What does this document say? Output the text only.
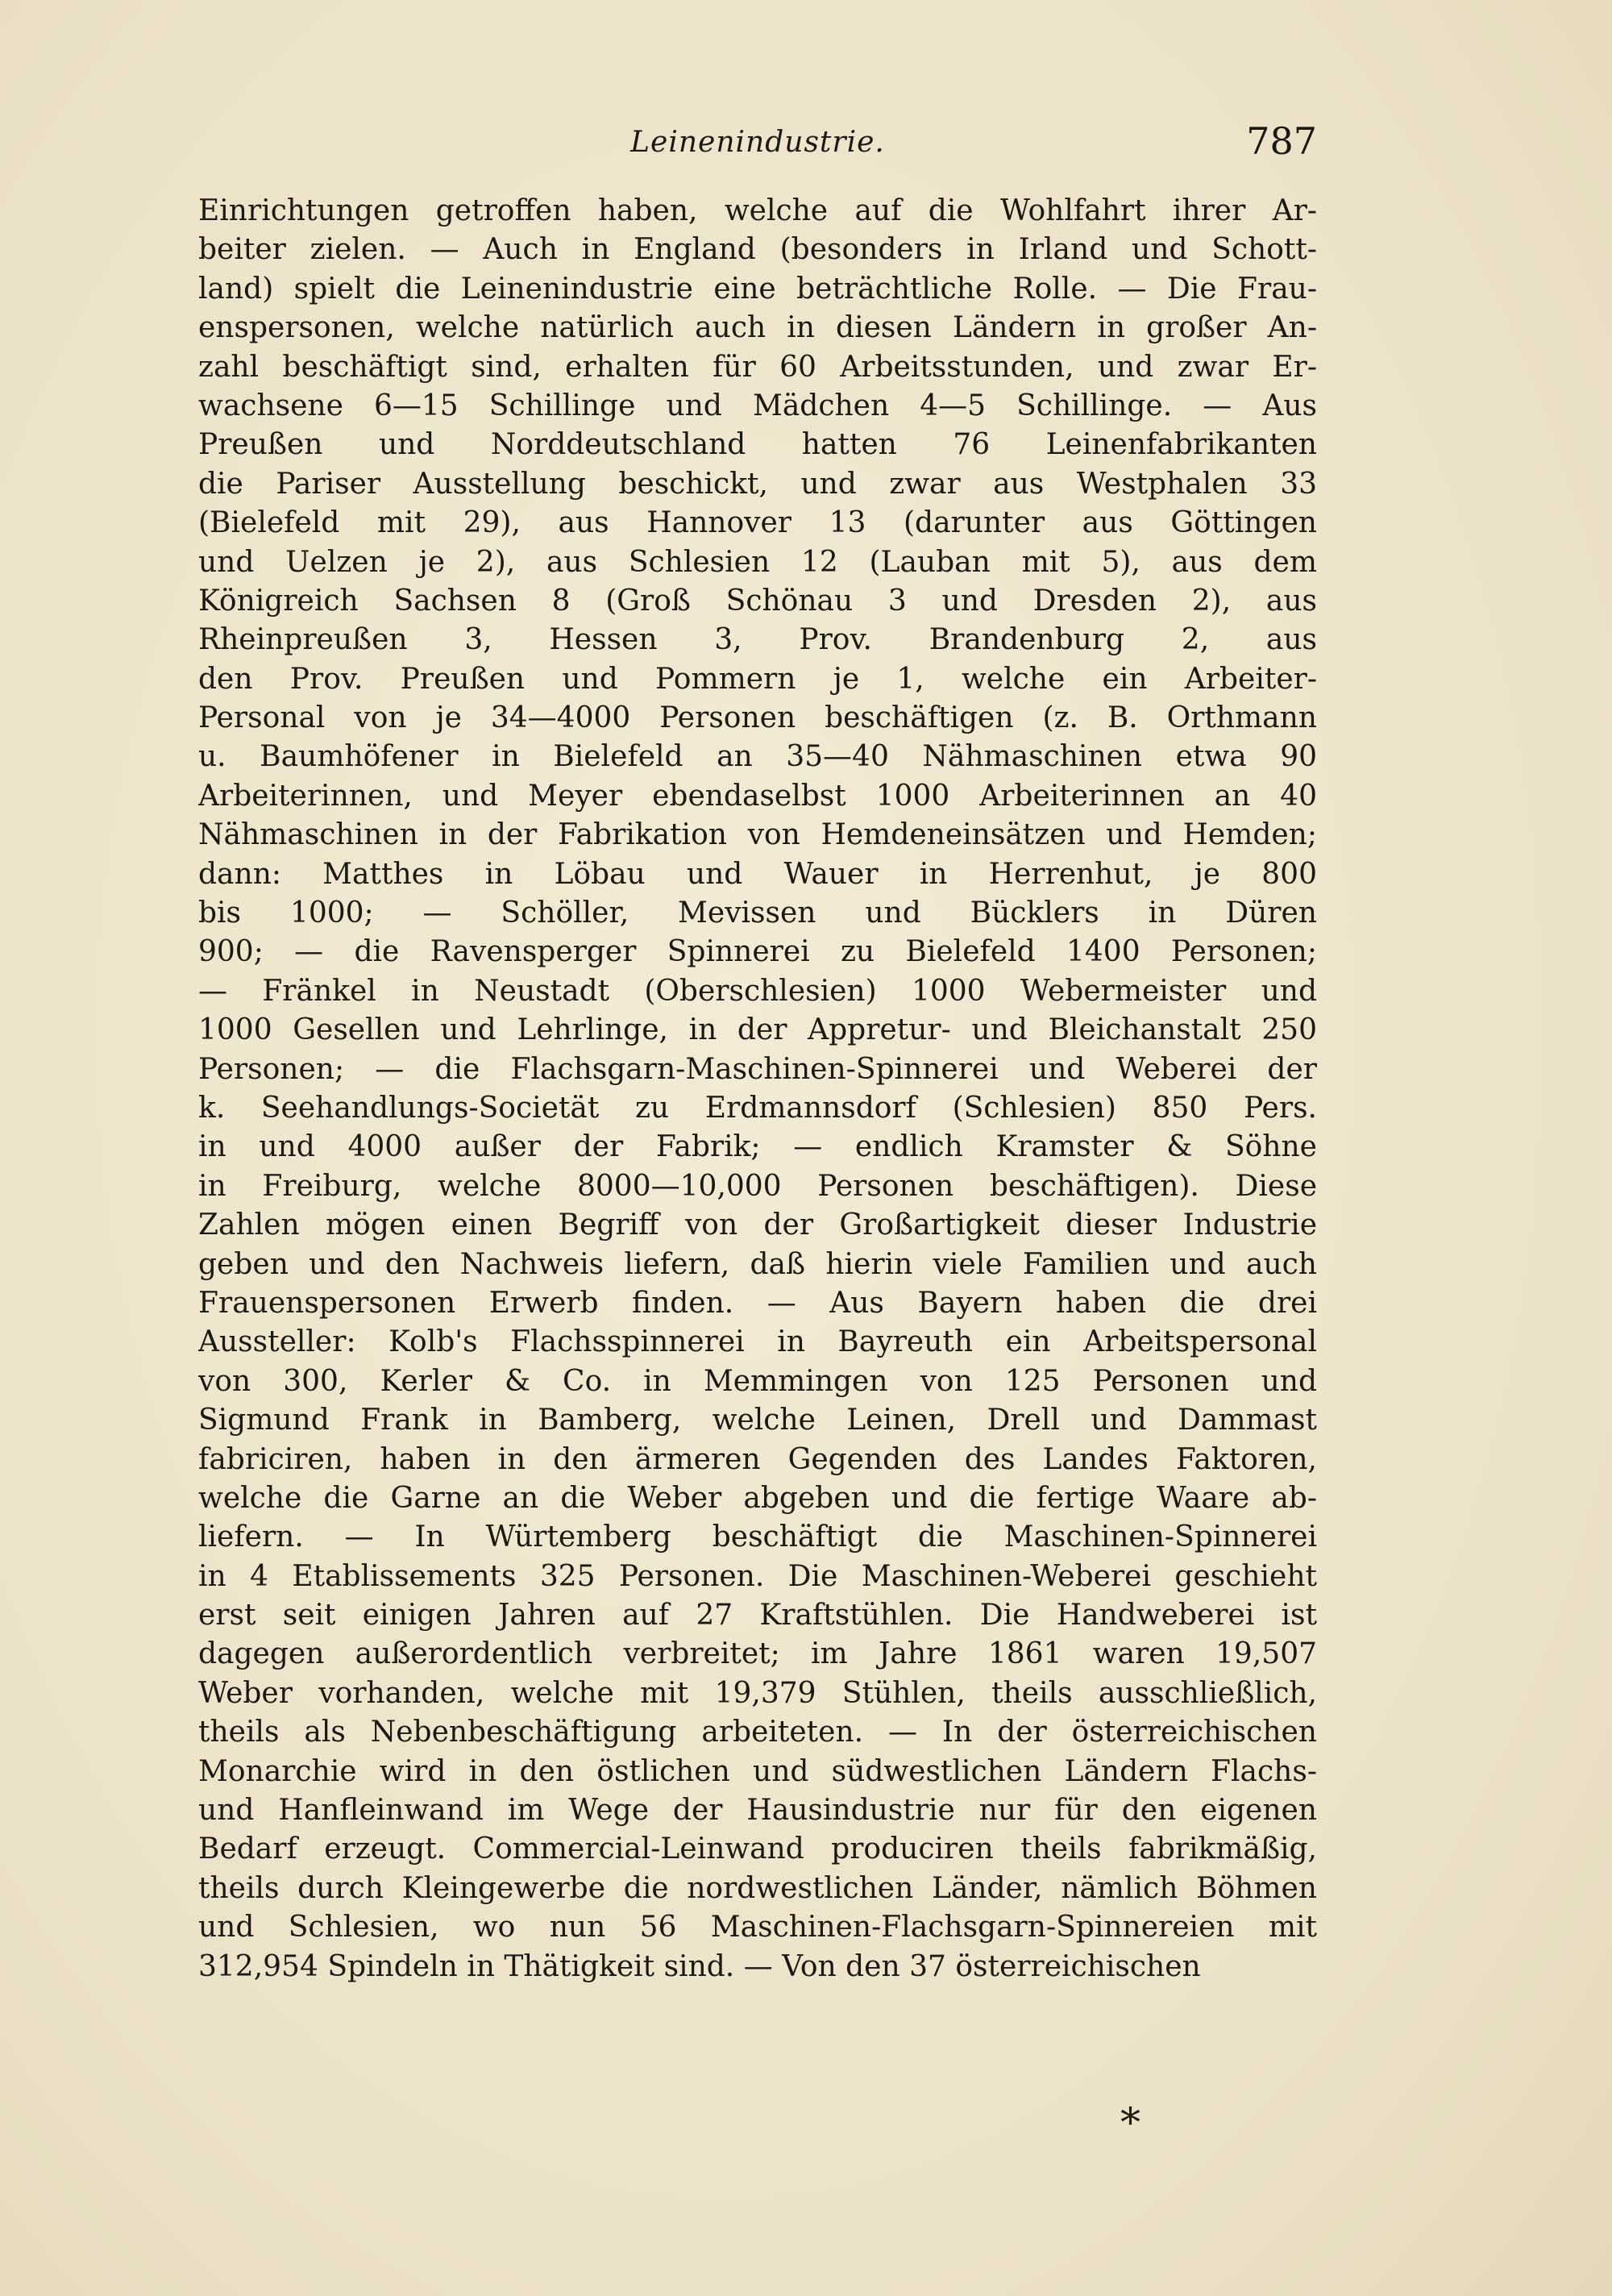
Leinenindustrie.	787
Einrichtungen getroffen haben, welche auf die Wohlfahrt ihrer Ar-
beiter zielen. — Auch in England (besonders in Irland und Schott-
land) spielt die Leinenindustrie eine beträchtliche Rolle. — Die Frau-
enspersonen, welche natürlich auch in diesen Ländern in großer An-
zahl beschäftigt sind, erhalten für 60 Arbeitsstunden, und zwar Er-
wachsene 6—15 Schillinge und Mädchen 4—5 Schillinge. — Aus
Preußen und Norddeutschland hatten 76 Leinenfabrikanten
die Pariser Ausstellung beschickt, und zwar aus Westphalen 33
(Bielefeld mit 29), aus Hannover 13 (darunter aus Göttingen
und Uelzen je 2), aus Schlesien 12 (Lauban mit 5), aus dem
Königreich Sachsen 8 (Groß Schönau 3 und Dresden 2), aus
Rheinpreußen 3, Hessen 3, Prov. Brandenburg 2, aus
den Prov. Preußen und Pommern je 1, welche ein Arbeiter-
Personal von je 34—4000 Personen beschäftigen (z. B. Orthmann
u. Baumhöfener in Bielefeld an 35—40 Nähmaschinen etwa 90
Arbeiterinnen, und Meyer ebendaselbst 1000 Arbeiterinnen an 40
Nähmaschinen in der Fabrikation von Hemdeneinsätzen und Hemden;
dann: Matthes in Löbau und Wauer in Herrenhut, je 800
bis 1000; — Schöller, Mevissen und Bücklers in Düren
900; — die Ravensperger Spinnerei zu Bielefeld 1400 Personen;
— Fränkel in Neustadt (Oberschlesien) 1000 Webermeister und
1000 Gesellen und Lehrlinge, in der Appretur- und Bleichanstalt 250
Personen; — die Flachsgarn-Maschinen-Spinnerei und Weberei der
k. Seehandlungs-Societät zu Erdmannsdorf (Schlesien) 850 Pers.
in und 4000 außer der Fabrik; — endlich Kramster & Söhne
in Freiburg, welche 8000—10,000 Personen beschäftigen). Diese
Zahlen mögen einen Begriff von der Großartigkeit dieser Industrie
geben und den Nachweis liefern, daß hierin viele Familien und auch
Frauenspersonen Erwerb finden. — Aus Bayern haben die drei
Aussteller: Kolb's Flachsspinnerei in Bayreuth ein Arbeitspersonal
von 300, Kerler & Co. in Memmingen von 125 Personen und
Sigmund Frank in Bamberg, welche Leinen, Drell und Dammast
fabriciren, haben in den ärmeren Gegenden des Landes Faktoren,
welche die Garne an die Weber abgeben und die fertige Waare ab-
liefern. — In Würtemberg beschäftigt die Maschinen-Spinnerei
in 4 Etablissements 325 Personen. Die Maschinen-Weberei geschieht
erst seit einigen Jahren auf 27 Kraftstühlen. Die Handweberei ist
dagegen außerordentlich verbreitet; im Jahre 1861 waren 19,507
Weber vorhanden, welche mit 19,379 Stühlen, theils ausschließlich,
theils als Nebenbeschäftigung arbeiteten. — In der österreichischen
Monarchie wird in den östlichen und südwestlichen Ländern Flachs-
und Hanfleinwand im Wege der Hausindustrie nur für den eigenen
Bedarf erzeugt. Commercial-Leinwand produciren theils fabrikmäßig,
theils durch Kleingewerbe die nordwestlichen Länder, nämlich Böhmen
und Schlesien, wo nun 56 Maschinen-Flachsgarn-Spinnereien mit
312,954 Spindeln in Thätigkeit sind. — Von den 37 österreichischen
*
